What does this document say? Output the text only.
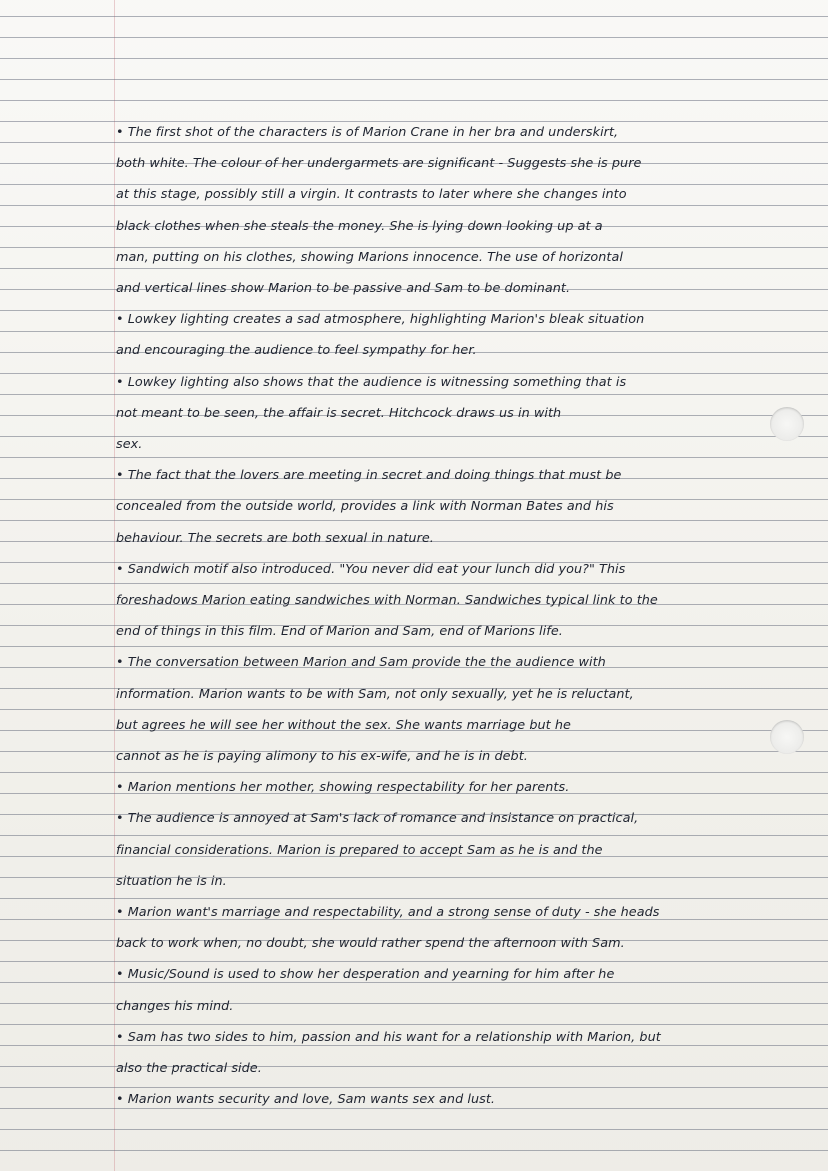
• The first shot of the characters is of Marion Crane in her bra and underskirt,
both white. The colour of her undergarmets are significant - Suggests she is pure
at this stage, possibly still a virgin. It contrasts to later where she changes into
black clothes when she steals the money. She is lying down looking up at a
man, putting on his clothes, showing Marions innocence. The use of horizontal
and vertical lines show Marion to be passive and Sam to be dominant.
• Lowkey lighting creates a sad atmosphere, highlighting Marion's bleak situation
and encouraging the audience to feel sympathy for her.
• Lowkey lighting also shows that the audience is witnessing something that is
not meant to be seen, the affair is secret. Hitchcock draws us in with
sex.
• The fact that the lovers are meeting in secret and doing things that must be
concealed from the outside world, provides a link with Norman Bates and his
behaviour. The secrets are both sexual in nature.
• Sandwich motif also introduced. "You never did eat your lunch did you?" This
foreshadows Marion eating sandwiches with Norman. Sandwiches typical link to the
end of things in this film. End of Marion and Sam, end of Marions life.
• The conversation between Marion and Sam provide the the audience with
information. Marion wants to be with Sam, not only sexually, yet he is reluctant,
but agrees he will see her without the sex. She wants marriage but he
cannot as he is paying alimony to his ex-wife, and he is in debt.
• Marion mentions her mother, showing respectability for her parents.
• The audience is annoyed at Sam's lack of romance and insistance on practical,
financial considerations. Marion is prepared to accept Sam as he is and the
situation he is in.
• Marion want's marriage and respectability, and a strong sense of duty - she heads
back to work when, no doubt, she would rather spend the afternoon with Sam.
• Music/Sound is used to show her desperation and yearning for him after he
changes his mind.
• Sam has two sides to him, passion and his want for a relationship with Marion, but
also the practical side.
• Marion wants security and love, Sam wants sex and lust.
